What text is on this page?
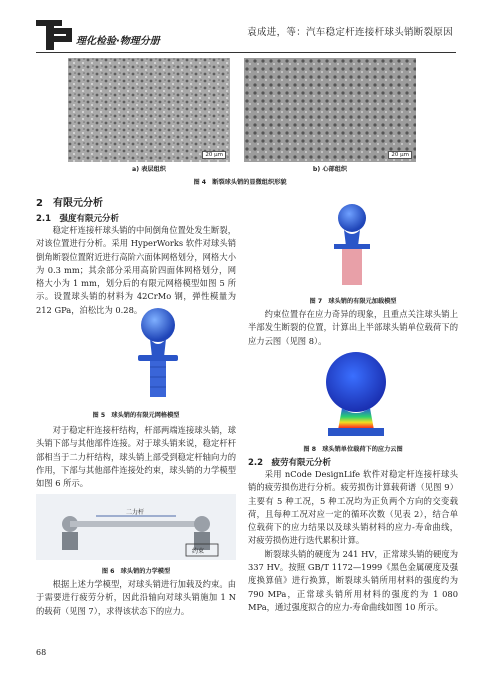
理化检验·物理分册
袁成进，等：汽车稳定杆连接杆球头销断裂原因
20 μm	20 μm
a) 表层组织	b) 心部组织
图 4　断裂球头销的显微组织形貌
2　有限元分析
2.1　强度有限元分析

稳定杆连接杆球头销的中间倒角位置处发生断裂，对该位置进行分析。采用 HyperWorks 软件对球头销倒角断裂位置附近进行高阶六面体网格划分，网格大小为 0.3 mm；其余部分采用高阶四面体网格划分，网格大小为 1 mm，划分后的有限元网格模型如图 5 所示。设置球头销的材料为 42CrMo 钢，弹性模量为 212 GPa，泊松比为 0.28。

图 5　球头销的有限元网格模型

对于稳定杆连接杆结构，杆部两端连接球头销，球头销下部与其他部件连接。对于球头销来说，稳定杆杆部相当于二力杆结构，球头销上部受到稳定杆轴向力的作用，下部与其他部件连接处约束，球头销的力学模型如图 6 所示。

二力杆
约束
图 6　球头销的力学模型

根据上述力学模型，对球头销进行加载及约束。由于需要进行疲劳分析，因此沿轴向对球头销施加 1 N 的载荷（见图 7），求得该状态下的应力。

图 7　球头销的有限元加载模型

约束位置存在应力奇异的现象，且重点关注球头销上半部发生断裂的位置，计算出上半部球头销单位载荷下的应力云图（见图 8）。

图 8　球头销单位载荷下的应力云图
2.2　疲劳有限元分析

采用 nCode DesignLife 软件对稳定杆连接杆球头销的疲劳损伤进行分析。疲劳损伤计算载荷谱（见图 9）主要有 5 种工况，5 种工况均为正负两个方向的交变载荷，且每种工况对应一定的循环次数（见表 2），结合单位载荷下的应力结果以及球头销材料的应力-寿命曲线，对疲劳损伤进行迭代累积计算。

断裂球头销的硬度为 241 HV，正常球头销的硬度为 337 HV。按照 GB/T 1172—1999《黑色金属硬度及强度换算值》进行换算，断裂球头销所用材料的强度约为 790 MPa，正常球头销所用材料的强度约为 1 080 MPa，通过强度拟合的应力-寿命曲线如图 10 所示。

68
